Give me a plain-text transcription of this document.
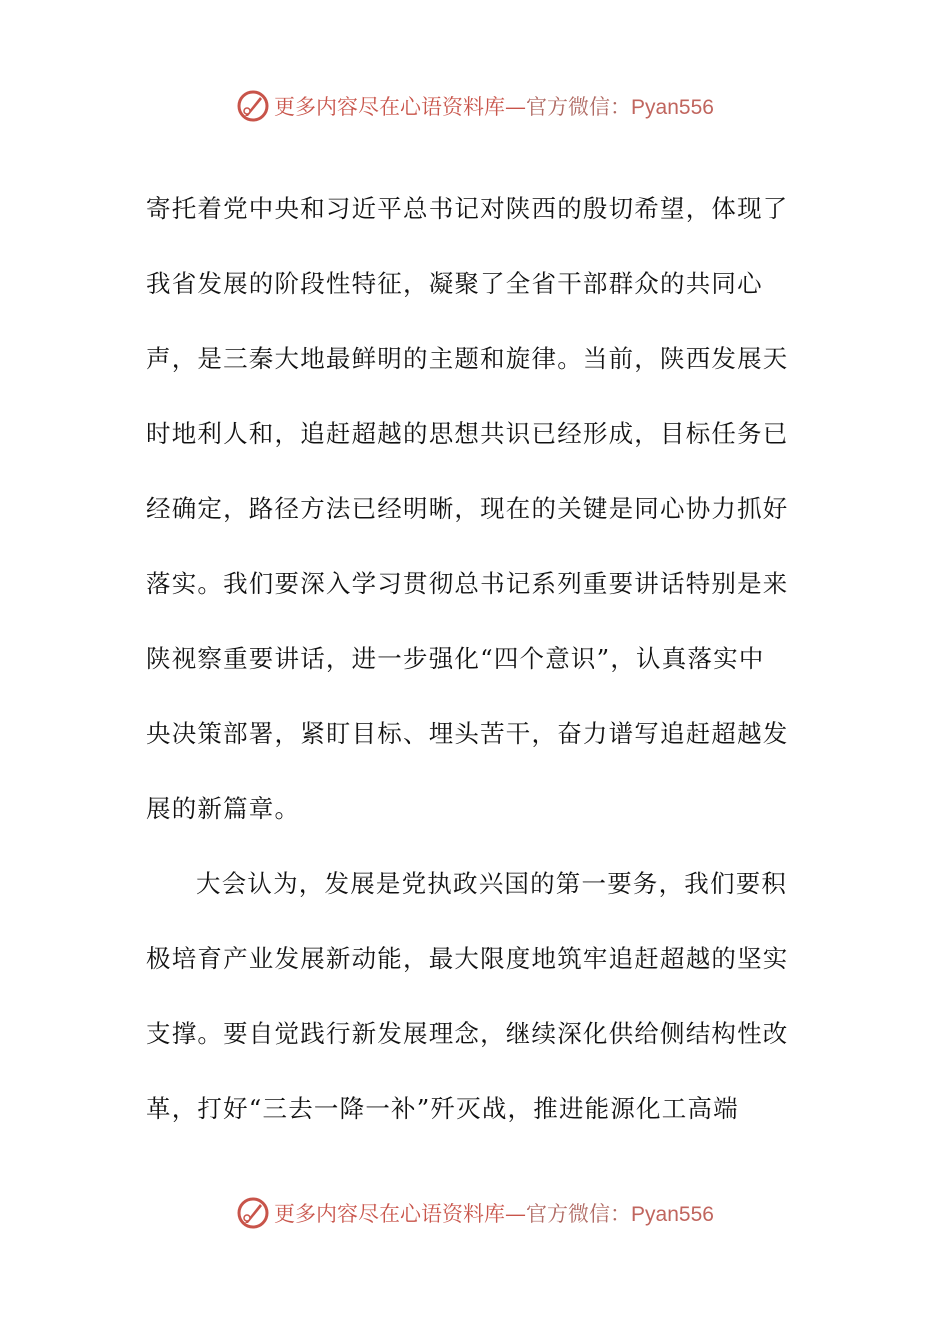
更多内容尽在心语资料库—官方微信：Pyan556
寄托着党中央和习近平总书记对陕西的殷切希望，体现了
我省发展的阶段性特征，凝聚了全省干部群众的共同心
声，是三秦大地最鲜明的主题和旋律。当前，陕西发展天
时地利人和，追赶超越的思想共识已经形成，目标任务已
经确定，路径方法已经明晰，现在的关键是同心协力抓好
落实。我们要深入学习贯彻总书记系列重要讲话特别是来
陕视察重要讲话，进一步强化“四个意识”，认真落实中
央决策部署，紧盯目标、埋头苦干，奋力谱写追赶超越发
展的新篇章。
大会认为，发展是党执政兴国的第一要务，我们要积
极培育产业发展新动能，最大限度地筑牢追赶超越的坚实
支撑。要自觉践行新发展理念，继续深化供给侧结构性改
革，打好“三去一降一补”歼灭战，推进能源化工高端
更多内容尽在心语资料库—官方微信：Pyan556
